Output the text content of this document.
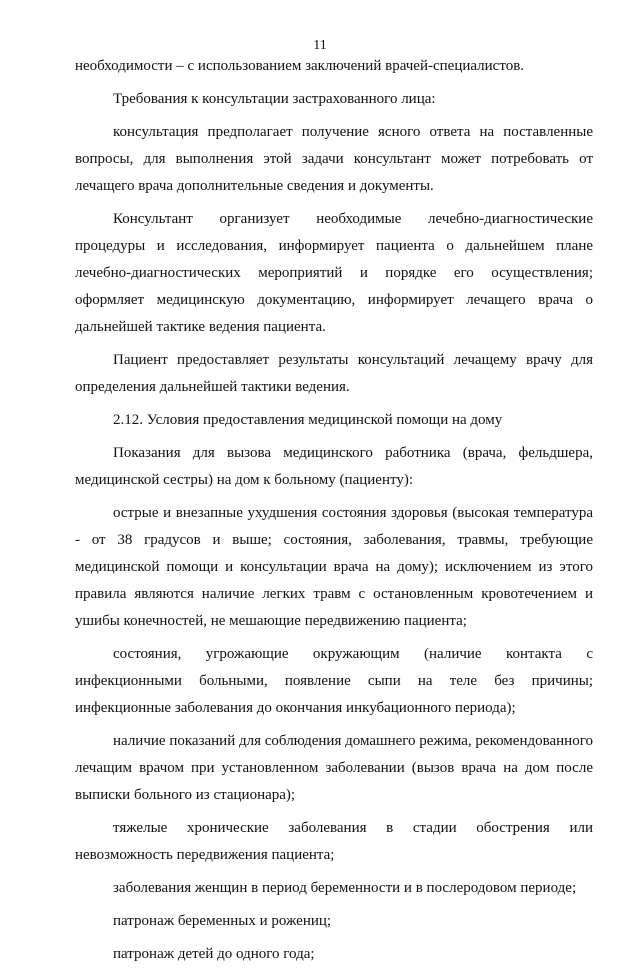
11

необходимости – с использованием заключений врачей-специалистов.

Требования к консультации застрахованного лица:

консультация предполагает получение ясного ответа на поставленные вопросы, для выполнения этой задачи консультант может потребовать от лечащего врача дополнительные сведения и документы.

Консультант организует необходимые лечебно-диагностические процедуры и исследования, информирует пациента о дальнейшем плане лечебно-диагностических мероприятий и порядке его осуществления; оформляет медицинскую документацию, информирует лечащего врача о дальнейшей тактике ведения пациента.

Пациент предоставляет результаты консультаций лечащему врачу для определения дальнейшей тактики ведения.

2.12. Условия предоставления медицинской помощи на дому

Показания для вызова медицинского работника (врача, фельдшера, медицинской сестры) на дом к больному (пациенту):

острые и внезапные ухудшения состояния здоровья (высокая температура - от 38 градусов и выше; состояния, заболевания, травмы, требующие медицинской помощи и консультации врача на дому); исключением из этого правила являются наличие легких травм с остановленным кровотечением и ушибы конечностей, не мешающие передвижению пациента;

состояния, угрожающие окружающим (наличие контакта с инфекционными больными, появление сыпи на теле без причины; инфекционные заболевания до окончания инкубационного периода);

наличие показаний для соблюдения домашнего режима, рекомендованного лечащим врачом при установленном заболевании (вызов врача на дом после выписки больного из стационара);

тяжелые хронические заболевания в стадии обострения или невозможность передвижения пациента;

заболевания женщин в период беременности и в послеродовом периоде;

патронаж беременных и рожениц;

патронаж детей до одного года;
